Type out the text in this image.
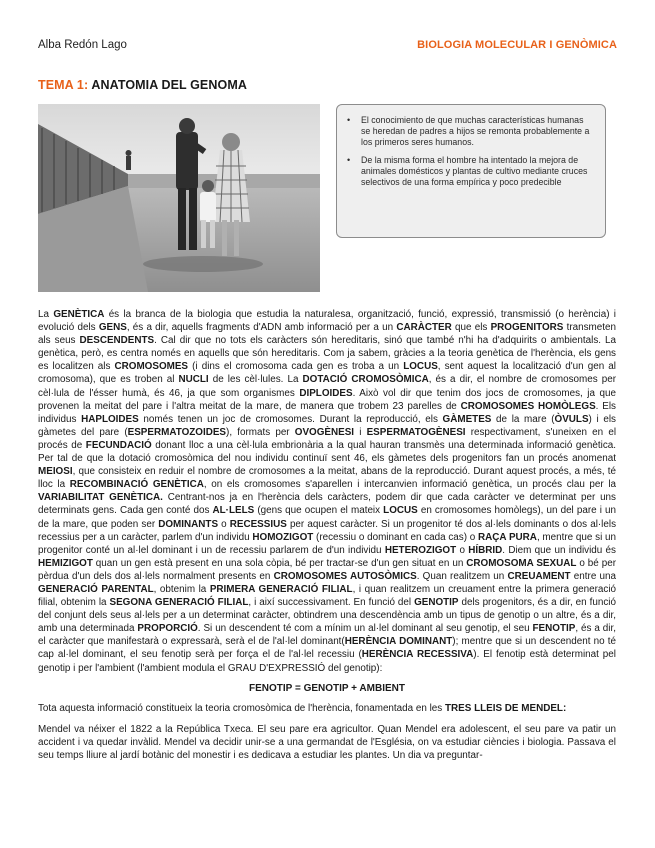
Alba Redón Lago	BIOLOGIA MOLECULAR I GENÒMICA
TEMA 1: ANATOMIA DEL GENOMA
•	El conocimiento de que muchas características humanas se heredan de padres a hijos se remonta probablemente a los primeros seres humanos.
•	De la misma forma el hombre ha intentado la mejora de animales domésticos y plantas de cultivo mediante cruces selectivos de una forma empírica y poco predecible

La GENÈTICA és la branca de la biologia que estudia la naturalesa, organització, funció, expressió, transmissió (o herència) i evolució dels GENS, és a dir, aquells fragments d'ADN amb informació per a un CARÀCTER que els PROGENITORS transmeten als seus DESCENDENTS. Cal dir que no tots els caràcters són hereditaris, sinó que també n'hi ha d'adquirits o ambientals. La genètica, però, es centra només en aquells que són hereditaris. Com ja sabem, gràcies a la teoria genètica de l'herència, els gens es localitzen als CROMOSOMES (i dins el cromosoma cada gen es troba a un LOCUS, sent aquest la localització d'un gen al cromosoma), que es troben al NUCLI de les cèl·lules. La DOTACIÓ CROMOSÒMICA, és a dir, el nombre de cromosomes per cèl·lula de l'ésser humà, és 46, ja que som organismes DIPLOIDES. Això vol dir que tenim dos jocs de cromosomes, ja que provenen la meitat del pare i l'altra meitat de la mare, de manera que trobem 23 parelles de CROMOSOMES HOMÒLEGS. Els individus HAPLOIDES només tenen un joc de cromosomes. Durant la reproducció, els GÀMETES de la mare (ÒVULS) i els gàmetes del pare (ESPERMATOZOIDES), formats per OVOGÈNESI i ESPERMATOGÈNESI respectivament, s'uneixen en el procés de FECUNDACIÓ donant lloc a una cèl·lula embrionària a la qual hauran transmès una determinada informació genètica. Per tal de que la dotació cromosòmica del nou individu continuï sent 46, els gàmetes dels progenitors fan un procés anomenat MEIOSI, que consisteix en reduir el nombre de cromosomes a la meitat, abans de la reproducció. Durant aquest procés, a més, té lloc la RECOMBINACIÓ GENÈTICA, on els cromosomes s'aparellen i intercanvien informació genètica, un procés clau per la VARIABILITAT GENÈTICA. Centrant-nos ja en l'herència dels caràcters, podem dir que cada caràcter ve determinat per uns determinats gens. Cada gen conté dos AL·LELS (gens que ocupen el mateix LOCUS en cromosomes homòlegs), un del pare i un de la mare, que poden ser DOMINANTS o RECESSIUS per aquest caràcter. Si un progenitor té dos al·lels dominants o dos al·lels recessius per a un caràcter, parlem d'un individu HOMOZIGOT (recessiu o dominant en cada cas) o RAÇA PURA, mentre que si un progenitor conté un al·lel dominant i un de recessiu parlarem de d'un individu HETEROZIGOT o HÍBRID. Diem que un individu és HEMIZIGOT quan un gen està present en una sola còpia, bé per tractar-se d'un gen situat en un CROMOSOMA SEXUAL o bé per pèrdua d'un dels dos al·lels normalment presents en CROMOSOMES AUTOSÒMICS. Quan realitzem un CREUAMENT entre una GENERACIÓ PARENTAL, obtenim la PRIMERA GENERACIÓ FILIAL, i quan realitzem un creuament entre la primera generació filial, obtenim la SEGONA GENERACIÓ FILIAL, i així successivament. En funció del GENOTIP dels progenitors, és a dir, en funció del conjunt dels seus al·lels per a un determinat caràcter, obtindrem una descendència amb un tipus de genotip o un altre, és a dir, amb una determinada PROPORCIÓ. Si un descendent té com a mínim un al·lel dominant al seu genotip, el seu FENOTIP, és a dir, el caràcter que manifestarà o expressarà, serà el de l'al·lel dominant(HERÈNCIA DOMINANT); mentre que si un descendent no té cap al·lel dominant, el seu fenotip serà per força el de l'al·lel recessiu (HERÈNCIA RECESSIVA). El fenotip està determinat pel genotip i per l'ambient (l'ambient modula el GRAU D'EXPRESSIÓ del genotip):

FENOTIP = GENOTIP + AMBIENT

Tota aquesta informació constitueix la teoria cromosòmica de l'herència, fonamentada en les TRES LLEIS DE MENDEL:

Mendel va néixer el 1822 a la República Txeca. El seu pare era agricultor. Quan Mendel era adolescent, el seu pare va patir un accident i va quedar invàlid. Mendel va decidir unir-se a una germandat de l'Església, on va estudiar ciències i biologia. Passava el seu temps lliure al jardí botànic del monestir i es dedicava a estudiar les plantes. Un dia va preguntar-
